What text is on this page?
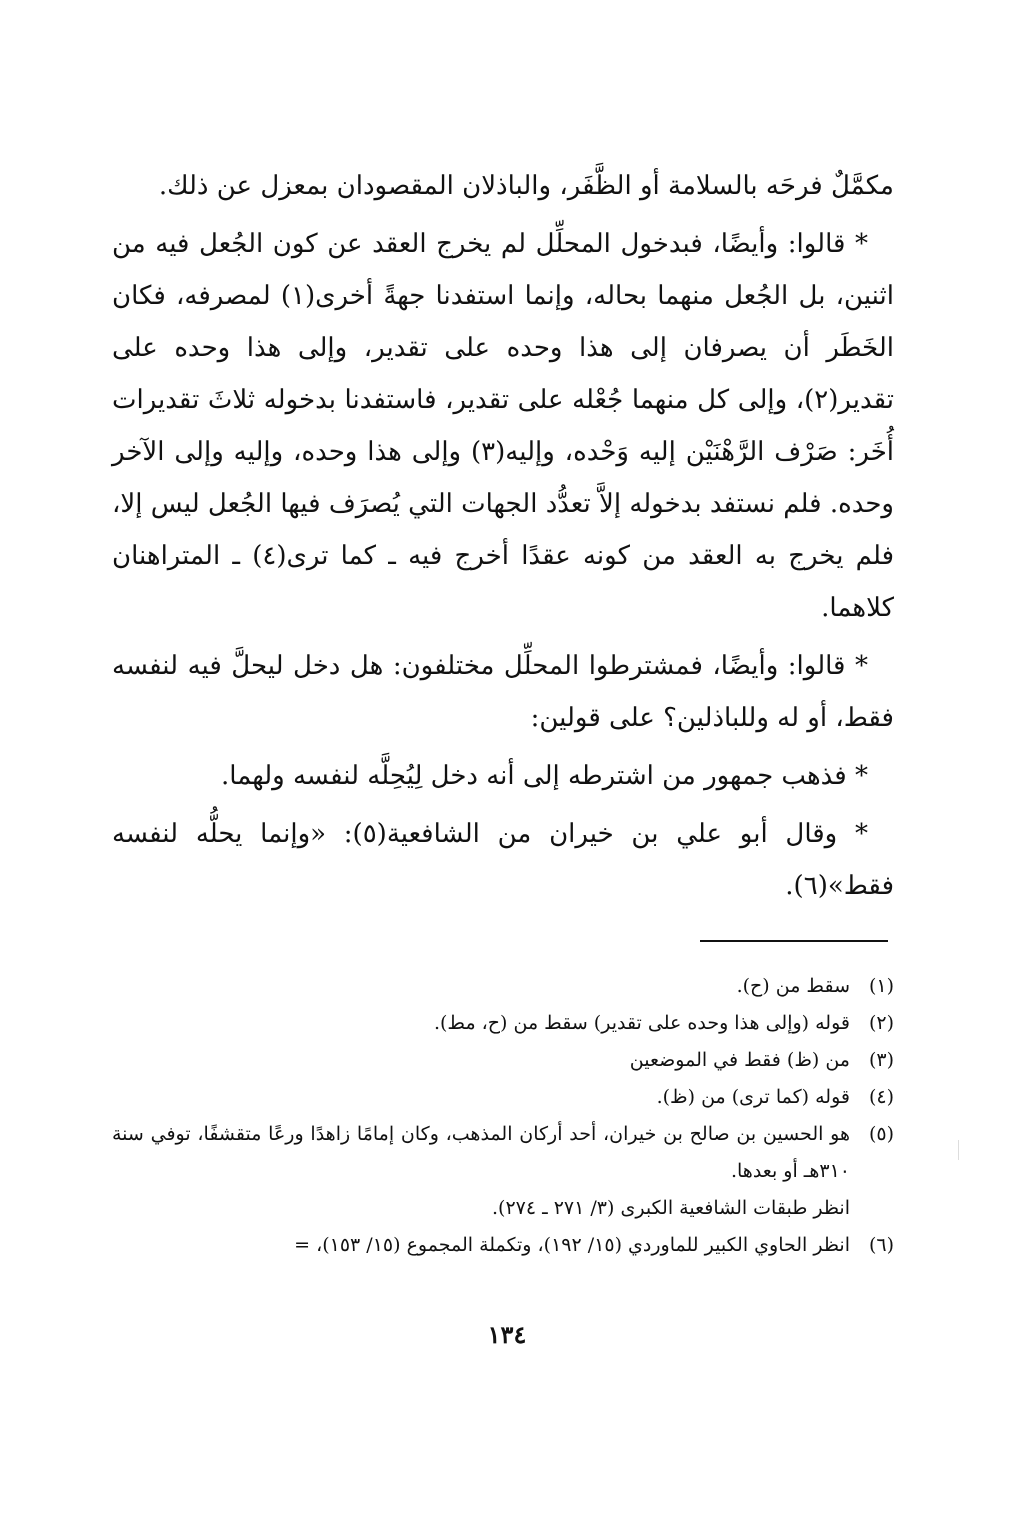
مكمَّلٌ فرحَه بالسلامة أو الظَّفَر، والباذلان المقصودان بمعزل عن ذلك.

* قالوا: وأيضًا، فبدخول المحلِّل لم يخرج العقد عن كون الجُعل فيه من اثنين، بل الجُعل منهما بحاله، وإنما استفدنا جهةً أخرى(١) لمصرفه، فكان الخَطَر أن يصرفان إلى هذا وحده على تقدير، وإلى هذا وحده على تقدير(٢)، وإلى كل منهما جُعْله على تقدير، فاستفدنا بدخوله ثلاثَ تقديرات أُخَر: صَرْف الرَّهْنَيْن إليه وَحْده، وإليه(٣) وإلى هذا وحده، وإليه وإلى الآخر وحده. فلم نستفد بدخوله إلاَّ تعدُّد الجهات التي يُصرَف فيها الجُعل ليس إلا، فلم يخرج به العقد من كونه عقدًا أخرج فيه ـ كما ترى(٤) ـ المتراهنان كلاهما.

* قالوا: وأيضًا، فمشترطوا المحلِّل مختلفون: هل دخل ليحلَّ فيه لنفسه فقط، أو له وللباذلين؟ على قولين:

* فذهب جمهور من اشترطه إلى أنه دخل لِيُحِلَّه لنفسه ولهما.

* وقال أبو علي بن خيران من الشافعية(٥): «وإنما يحلُّه لنفسه فقط»(٦).

(١)
سقط من (ح).
(٢)
قوله (وإلى هذا وحده على تقدير) سقط من (ح، مط).
(٣)
من (ظ) فقط في الموضعين
(٤)
قوله (كما ترى) من (ظ).
(٥)
هو الحسين بن صالح بن خيران، أحد أركان المذهب، وكان إمامًا زاهدًا ورعًا متقشفًا، توفي سنة ٣١٠هـ أو بعدها.
انظر طبقات الشافعية الكبرى (٣/ ٢٧١ ـ ٢٧٤).
(٦)
انظر الحاوي الكبير للماوردي (١٥/ ١٩٢)، وتكملة المجموع (١٥/ ١٥٣)، =
١٣٤
